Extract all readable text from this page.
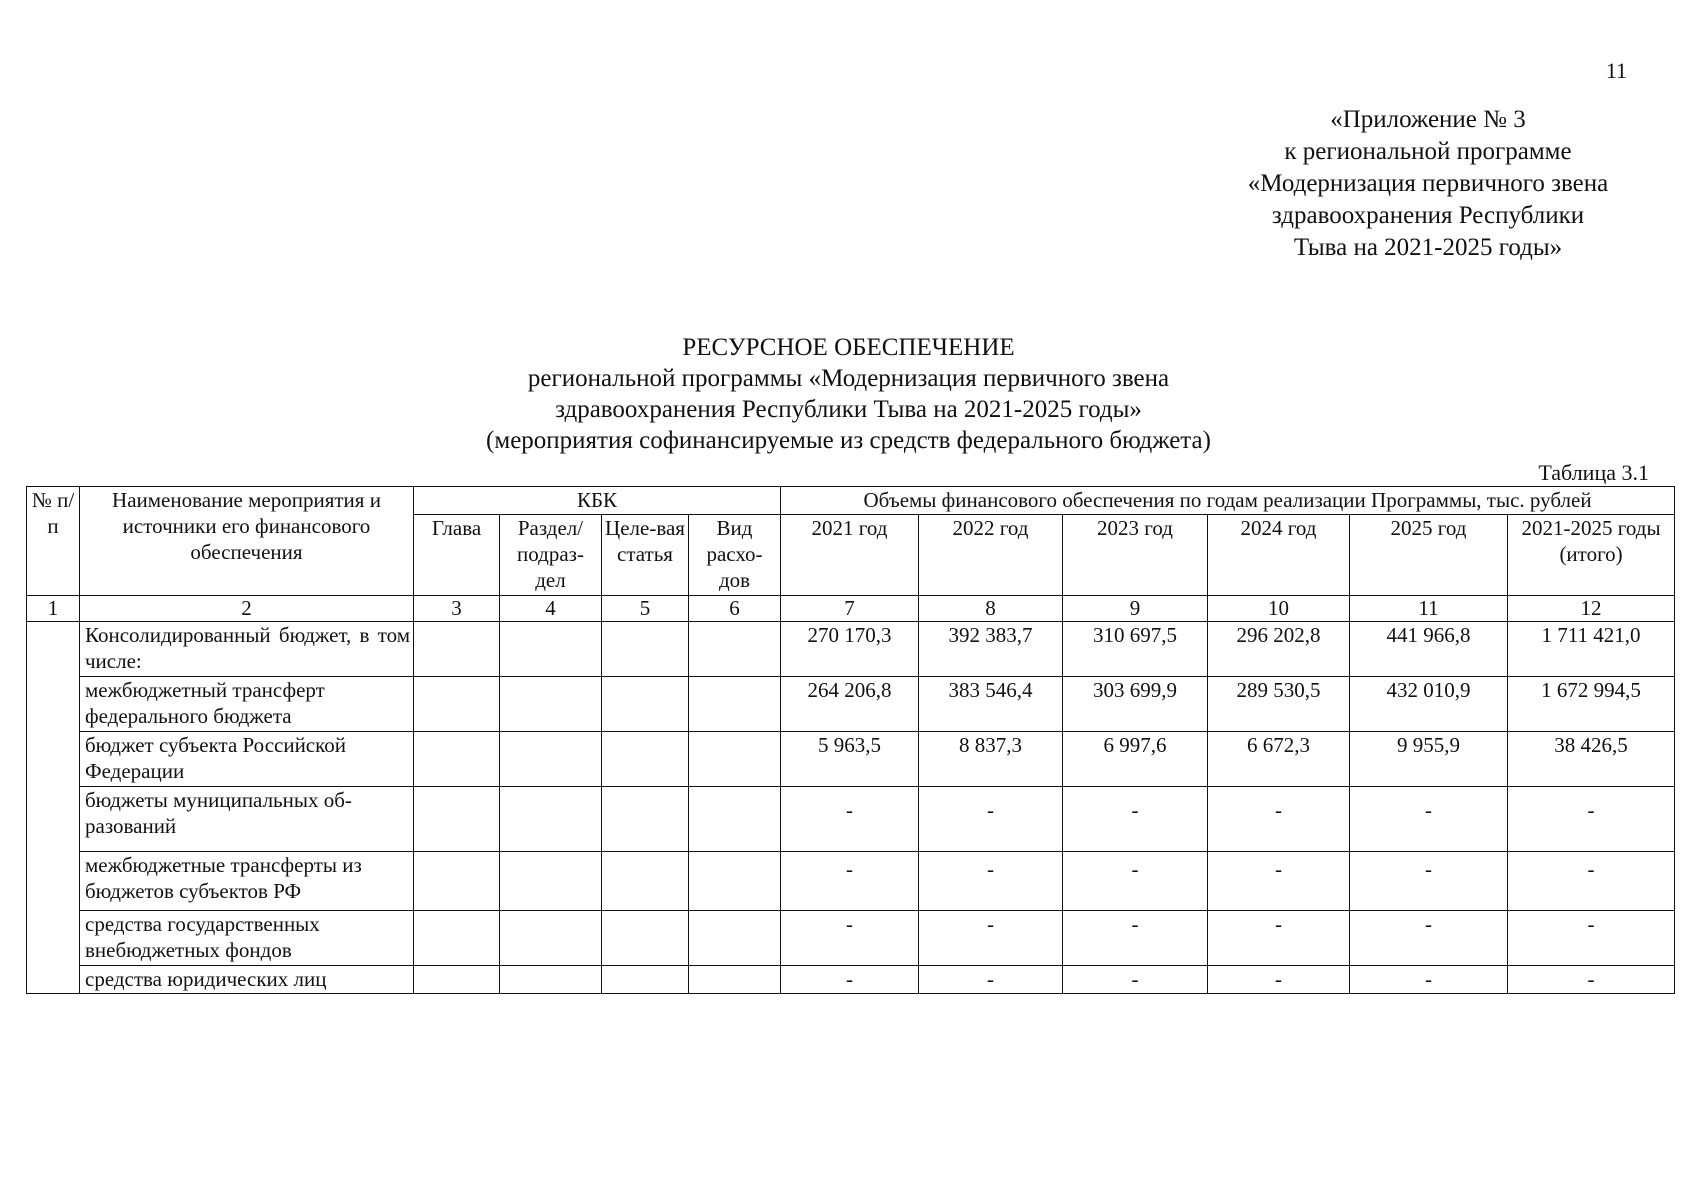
11
«Приложение № 3
к региональной программе
«Модернизация первичного звена
здравоохранения Республики
Тыва на 2021-2025 годы»
РЕСУРСНОЕ ОБЕСПЕЧЕНИЕ
региональной программы «Модернизация первичного звена
здравоохранения Республики Тыва на 2021-2025 годы»
(мероприятия софинансируемые из средств федерального бюджета)
Таблица 3.1
№ п/п	Наименование мероприятия и источники его финансового обеспечения	КБК				Объемы финансового обеспечения по годам реализации Программы, тыс. рублей					
		Глава	Раздел/ подраз-дел	Целе-вая статья	Вид расхо-дов	2021 год	2022 год	2023 год	2024 год	2025 год	2021-2025 годы (итого)
1	2	3	4	5	6	7	8	9	10	11	12
	Консолидированный бюджет, в том числе:					270 170,3	392 383,7	310 697,5	296 202,8	441 966,8	1 711 421,0
	межбюджетный трансферт федерального бюджета					264 206,8	383 546,4	303 699,9	289 530,5	432 010,9	1 672 994,5
	бюджет субъекта Российской Федерации					5 963,5	8 837,3	6 997,6	6 672,3	9 955,9	38 426,5
	бюджеты муниципальных об-разований					-	-	-	-	-	-
	межбюджетные трансферты из бюджетов субъектов РФ					-	-	-	-	-	-
	средства государственных внебюджетных фондов					-	-	-	-	-	-
	средства юридических лиц					-	-	-	-	-	-
